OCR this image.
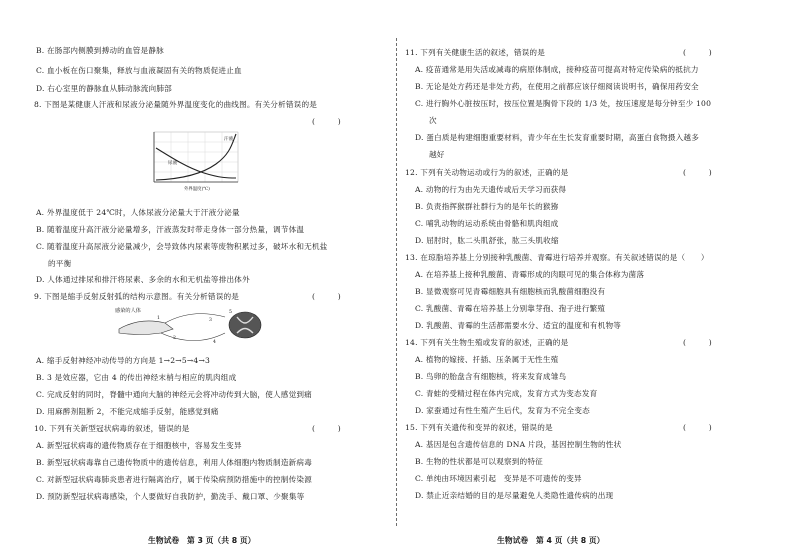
B. 在肠部内侧膜到搏动的血管是静脉
C. 血小板在伤口聚集，释放与血液凝固有关的物质促进止血
D. 右心室里的静脉血从肺动脉流向肺部
8. 下图是某健康人汗液和尿液分泌量随外界温度变化的曲线图。有关分析错误的是
(　　　)
汗液
尿液
外界温度(℃)
A. 外界温度低于 24℃时，人体尿液分泌量大于汗液分泌量
B. 随着温度升高汗液分泌量增多，汗液蒸发时带走身体一部分热量，调节体温
C. 随着温度升高尿液分泌量减少，会导致体内尿素等废物积累过多，破坏水和无机盐
的平衡
D. 人体通过排尿和排汗将尿素、多余的水和无机盐等排出体外
9. 下图是缩手反射反射弧的结构示意图。有关分析错误的是	(　　　)
感染的人体
1
2
3
4
5
A. 缩手反射神经冲动传导的方向是 1→2→5→4→3
B. 3 是效应器，它由 4 的传出神经末梢与相应的肌肉组成
C. 完成反射的同时，脊髓中通向大脑的神经元会将冲动传到大脑，使人感觉到痛
D. 用麻醉剂阻断 2，不能完成缩手反射，能感觉到痛
10. 下列有关新型冠状病毒的叙述，错误的是	(　　　)
A. 新型冠状病毒的遗传物质存在于细胞核中，容易发生变异
B. 新型冠状病毒靠自己遗传物质中的遗传信息，利用人体细胞内物质制造新病毒
C. 对新型冠状病毒肺炎患者进行隔离治疗，属于传染病预防措施中的控制传染源
D. 预防新型冠状病毒感染，个人要做好自我防护，勤洗手、戴口罩、少聚集等
生物试卷　第 3 页（共 8 页）
11. 下列有关健康生活的叙述，错误的是	(　　　)
A. 疫苗通常是用失活或减毒的病原体制成，接种疫苗可提高对特定传染病的抵抗力
B. 无论是处方药还是非处方药，在使用之前都应该仔细阅读说明书，确保用药安全
C. 进行胸外心脏按压时，按压位置是胸骨下段的 1/3 处，按压速度是每分钟至少 100
次
D. 蛋白质是构建细胞重要材料，青少年在生长发育重要时期，高蛋白食物摄入越多
越好
12. 下列有关动物运动或行为的叙述，正确的是	(　　　)
A. 动物的行为由先天遗传或后天学习而获得
B. 负责指挥猴群社群行为的是年长的猴猕
C. 哺乳动物的运动系统由骨骼和肌肉组成
D. 屈肘时，肱二头肌舒张，肱三头肌收缩
13. 在琼脂培养基上分别接种乳酸菌、青霉进行培养并观察。有关叙述错误的是（　　）
A. 在培养基上接种乳酸菌、青霉形成的肉眼可见的集合体称为菌落
B. 显微观察可见青霉细胞具有细胞核而乳酸菌细胞没有
C. 乳酸菌、青霉在培养基上分别靠芽孢、孢子进行繁殖
D. 乳酸菌、青霉的生活都需要水分、适宜的温度和有机物等
14. 下列有关生物生殖或发育的叙述，正确的是	(　　　)
A. 植物的嫁接、扦插、压条属于无性生殖
B. 鸟卵的胎盘含有细胞核，将来发育成雏鸟
C. 青蛙的受精过程在体内完成，发育方式为变态发育
D. 家蚕通过有性生殖产生后代，发育为不完全变态
15. 下列有关遗传和变异的叙述，错误的是	(　　　)
A. 基因是包含遗传信息的 DNA 片段，基因控制生物的性状
B. 生物的性状都是可以观察到的特征
C. 单纯由环境因素引起　变异是不可遗传的变异
D. 禁止近亲结婚的目的是尽量避免人类隐性遗传病的出现
生物试卷　第 4 页（共 8 页）
